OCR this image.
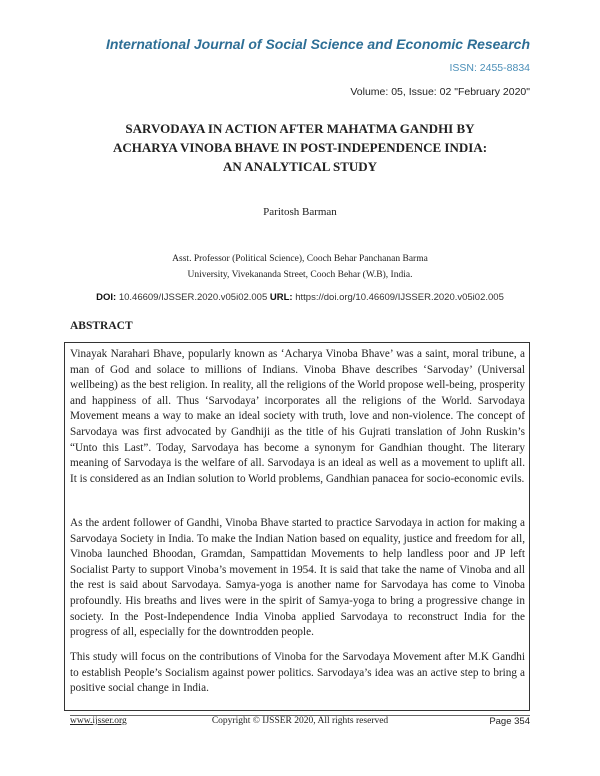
International Journal of Social Science and Economic Research
ISSN: 2455-8834
Volume: 05, Issue: 02 "February 2020"
SARVODAYA IN ACTION AFTER MAHATMA GANDHI BY
ACHARYA VINOBA BHAVE IN POST-INDEPENDENCE INDIA:
AN ANALYTICAL STUDY
Paritosh Barman
Asst. Professor (Political Science), Cooch Behar Panchanan Barma
University, Vivekananda Street, Cooch Behar (W.B), India.
DOI: 10.46609/IJSSER.2020.v05i02.005 URL: https://doi.org/10.46609/IJSSER.2020.v05i02.005
ABSTRACT
Vinayak Narahari Bhave, popularly known as ‘Acharya Vinoba Bhave’ was a saint, moral tribune, a man of God and solace to millions of Indians. Vinoba Bhave describes ‘Sarvoday’ (Universal wellbeing) as the best religion. In reality, all the religions of the World propose well-being, prosperity and happiness of all. Thus ‘Sarvodaya’ incorporates all the religions of the World. Sarvodaya Movement means a way to make an ideal society with truth, love and non-violence. The concept of Sarvodaya was first advocated by Gandhiji as the title of his Gujrati translation of John Ruskin’s “Unto this Last”. Today, Sarvodaya has become a synonym for Gandhian thought. The literary meaning of Sarvodaya is the welfare of all. Sarvodaya is an ideal as well as a movement to uplift all. It is considered as an Indian solution to World problems, Gandhian panacea for socio-economic evils.
As the ardent follower of Gandhi, Vinoba Bhave started to practice Sarvodaya in action for making a Sarvodaya Society in India. To make the Indian Nation based on equality, justice and freedom for all, Vinoba launched Bhoodan, Gramdan, Sampattidan Movements to help landless poor and JP left Socialist Party to support Vinoba’s movement in 1954. It is said that take the name of Vinoba and all the rest is said about Sarvodaya. Samya-yoga is another name for Sarvodaya has come to Vinoba profoundly. His breaths and lives were in the spirit of Samya-yoga to bring a progressive change in society. In the Post-Independence India Vinoba applied Sarvodaya to reconstruct India for the progress of all, especially for the downtrodden people.
This study will focus on the contributions of Vinoba for the Sarvodaya Movement after M.K Gandhi to establish People’s Socialism against power politics. Sarvodaya’s idea was an active step to bring a positive social change in India.
www.ijsser.org	Copyright © IJSSER 2020, All rights reserved	Page 354
